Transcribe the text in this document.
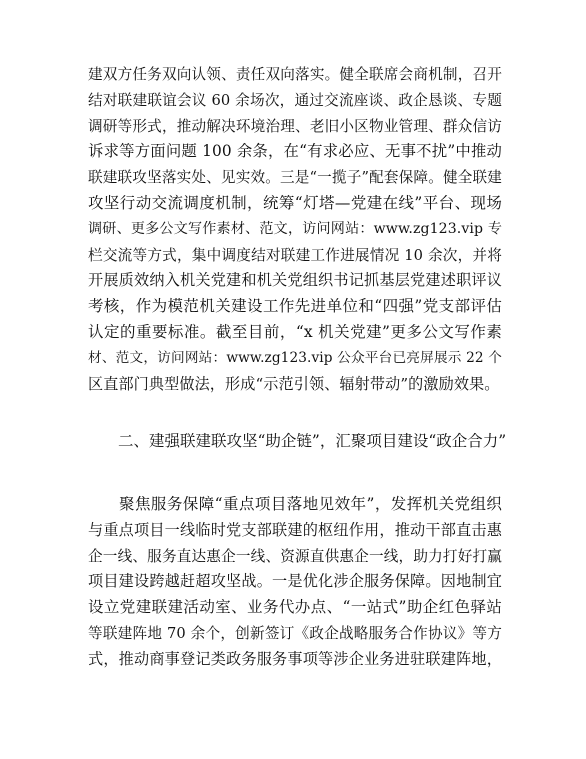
建双方任务双向认领、责任双向落实。健全联席会商机制，召开
结对联建联谊会议 60 余场次，通过交流座谈、政企恳谈、专题
调研等形式，推动解决环境治理、老旧小区物业管理、群众信访
诉求等方面问题 100 余条，在“有求必应、无事不扰”中推动
联建联攻坚落实处、见实效。三是“一揽子”配套保障。健全联建
攻坚行动交流调度机制，统筹“灯塔—党建在线”平台、现场
调研、更多公文写作素材、范文，访问网站：www.zg123.vip 专
栏交流等方式，集中调度结对联建工作进展情况 10 余次，并将
开展质效纳入机关党建和机关党组织书记抓基层党建述职评议
考核，作为模范机关建设工作先进单位和“四强”党支部评估
认定的重要标准。截至目前，“x 机关党建”更多公文写作素
材、范文，访问网站：www.zg123.vip 公众平台已亮屏展示 22 个
区直部门典型做法，形成“示范引领、辐射带动”的激励效果。
二、建强联建联攻坚“助企链”，汇聚项目建设“政企合力”
聚焦服务保障“重点项目落地见效年”，发挥机关党组织
与重点项目一线临时党支部联建的枢纽作用，推动干部直击惠
企一线、服务直达惠企一线、资源直供惠企一线，助力打好打赢
项目建设跨越赶超攻坚战。一是优化涉企服务保障。因地制宜
设立党建联建活动室、业务代办点、“一站式”助企红色驿站
等联建阵地 70 余个，创新签订《政企战略服务合作协议》等方
式，推动商事登记类政务服务事项等涉企业务进驻联建阵地，
